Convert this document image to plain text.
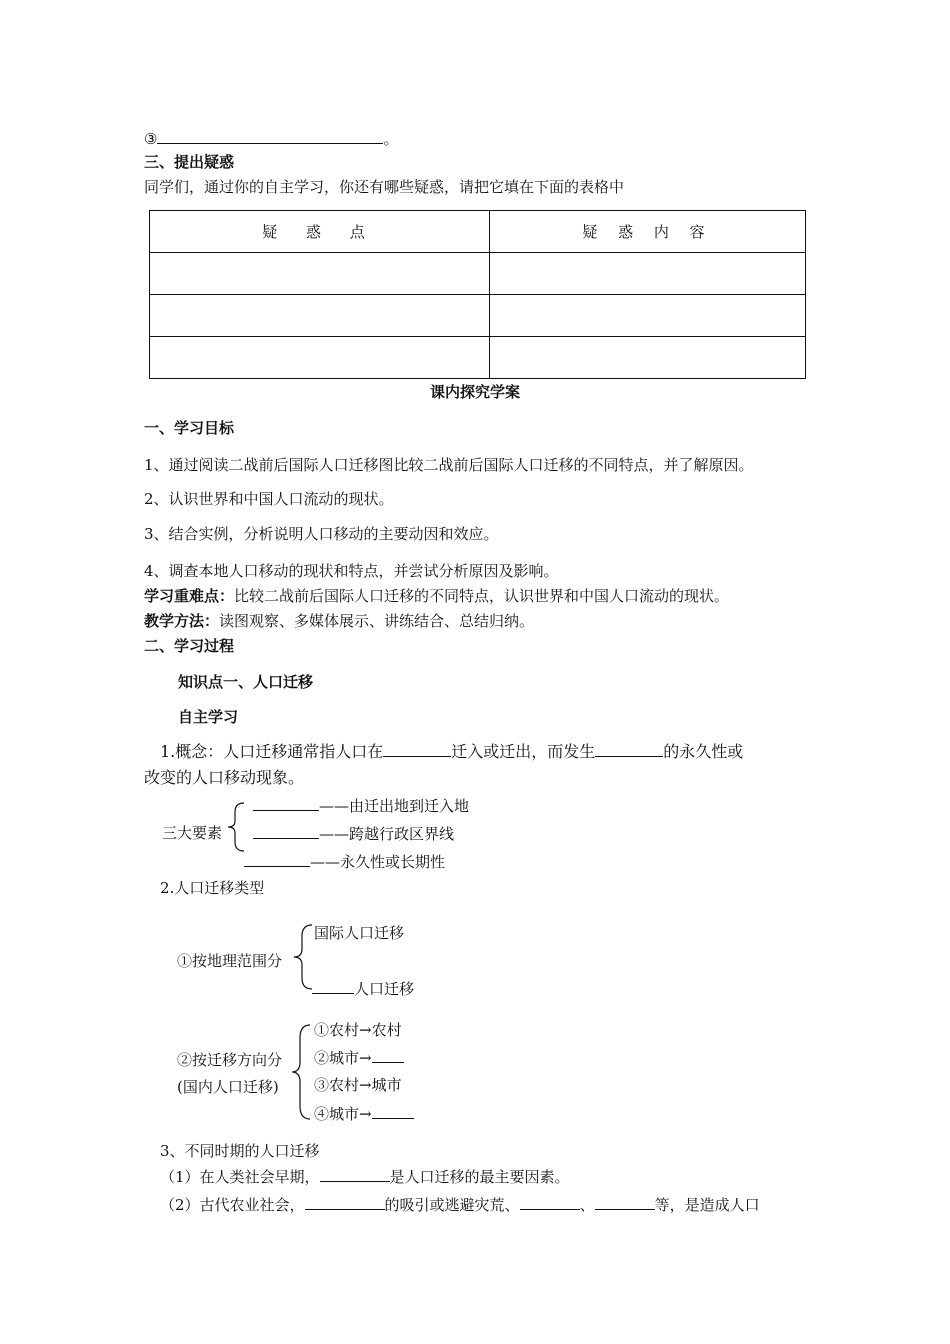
③	。
三、提出疑惑
同学们，通过你的自主学习，你还有哪些疑惑，请把它填在下面的表格中
疑 惑 点	疑 惑 内 容

课内探究学案
一、学习目标
1、通过阅读二战前后国际人口迁移图比较二战前后国际人口迁移的不同特点，并了解原因。
2、认识世界和中国人口流动的现状。
3、结合实例，分析说明人口移动的主要动因和效应。
4、调查本地人口移动的现状和特点，并尝试分析原因及影响。
学习重难点：比较二战前后国际人口迁移的不同特点，认识世界和中国人口流动的现状。
教学方法：读图观察、多媒体展示、讲练结合、总结归纳。
二、学习过程
知识点一、人口迁移
自主学习
1.概念：人口迁移通常指人口在	迁入或迁出，而发生	的永久性或
改变的人口移动现象。
三大要素
——由迁出地到迁入地
——跨越行政区界线
——永久性或长期性
2.人口迁移类型
①按地理范围分
国际人口迁移
人口迁移
②按迁移方向分
(国内人口迁移)
①农村→农村
②城市→
③农村→城市
④城市→
3、不同时期的人口迁移
（1）在人类社会早期，	是人口迁移的最主要因素。
（2）古代农业社会，	的吸引或逃避灾荒、	、	等，是造成人口
